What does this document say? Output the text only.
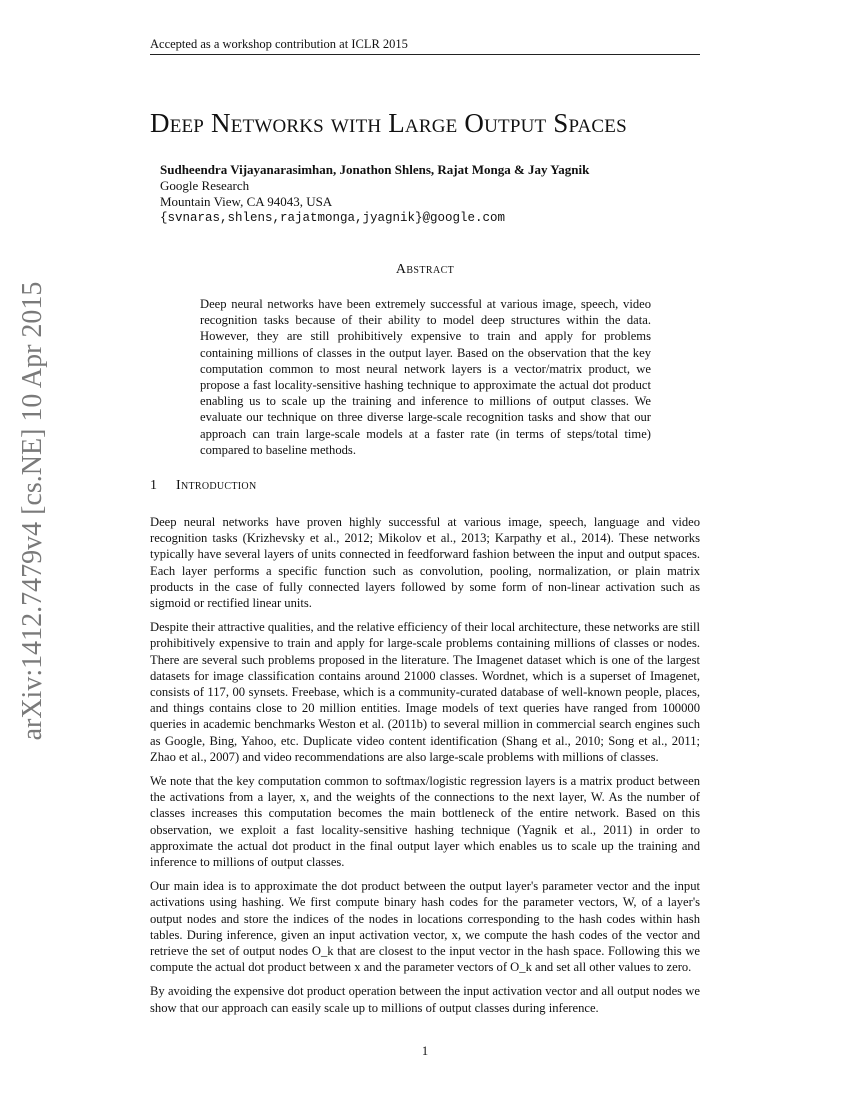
Accepted as a workshop contribution at ICLR 2015
Deep Networks with Large Output Spaces
Sudheendra Vijayanarasimhan, Jonathon Shlens, Rajat Monga & Jay Yagnik
Google Research
Mountain View, CA 94043, USA
{svnaras,shlens,rajatmonga,jyagnik}@google.com
arXiv:1412.7479v4 [cs.NE] 10 Apr 2015
Abstract
Deep neural networks have been extremely successful at various image, speech, video recognition tasks because of their ability to model deep structures within the data. However, they are still prohibitively expensive to train and apply for problems containing millions of classes in the output layer. Based on the observation that the key computation common to most neural network layers is a vector/matrix product, we propose a fast locality-sensitive hashing technique to approximate the actual dot product enabling us to scale up the training and inference to millions of output classes. We evaluate our technique on three diverse large-scale recognition tasks and show that our approach can train large-scale models at a faster rate (in terms of steps/total time) compared to baseline methods.
1 Introduction

Deep neural networks have proven highly successful at various image, speech, language and video recognition tasks (Krizhevsky et al., 2012; Mikolov et al., 2013; Karpathy et al., 2014). These networks typically have several layers of units connected in feedforward fashion between the input and output spaces. Each layer performs a specific function such as convolution, pooling, normalization, or plain matrix products in the case of fully connected layers followed by some form of non-linear activation such as sigmoid or rectified linear units.

Despite their attractive qualities, and the relative efficiency of their local architecture, these networks are still prohibitively expensive to train and apply for large-scale problems containing millions of classes or nodes. There are several such problems proposed in the literature. The Imagenet dataset which is one of the largest datasets for image classification contains around 21000 classes. Wordnet, which is a superset of Imagenet, consists of 117, 00 synsets. Freebase, which is a community-curated database of well-known people, places, and things contains close to 20 million entities. Image models of text queries have ranged from 100000 queries in academic benchmarks Weston et al. (2011b) to several million in commercial search engines such as Google, Bing, Yahoo, etc. Duplicate video content identification (Shang et al., 2010; Song et al., 2011; Zhao et al., 2007) and video recommendations are also large-scale problems with millions of classes.

We note that the key computation common to softmax/logistic regression layers is a matrix product between the activations from a layer, x, and the weights of the connections to the next layer, W. As the number of classes increases this computation becomes the main bottleneck of the entire network. Based on this observation, we exploit a fast locality-sensitive hashing technique (Yagnik et al., 2011) in order to approximate the actual dot product in the final output layer which enables us to scale up the training and inference to millions of output classes.

Our main idea is to approximate the dot product between the output layer's parameter vector and the input activations using hashing. We first compute binary hash codes for the parameter vectors, W, of a layer's output nodes and store the indices of the nodes in locations corresponding to the hash codes within hash tables. During inference, given an input activation vector, x, we compute the hash codes of the vector and retrieve the set of output nodes O_k that are closest to the input vector in the hash space. Following this we compute the actual dot product between x and the parameter vectors of O_k and set all other values to zero.

By avoiding the expensive dot product operation between the input activation vector and all output nodes we show that our approach can easily scale up to millions of output classes during inference.

1
